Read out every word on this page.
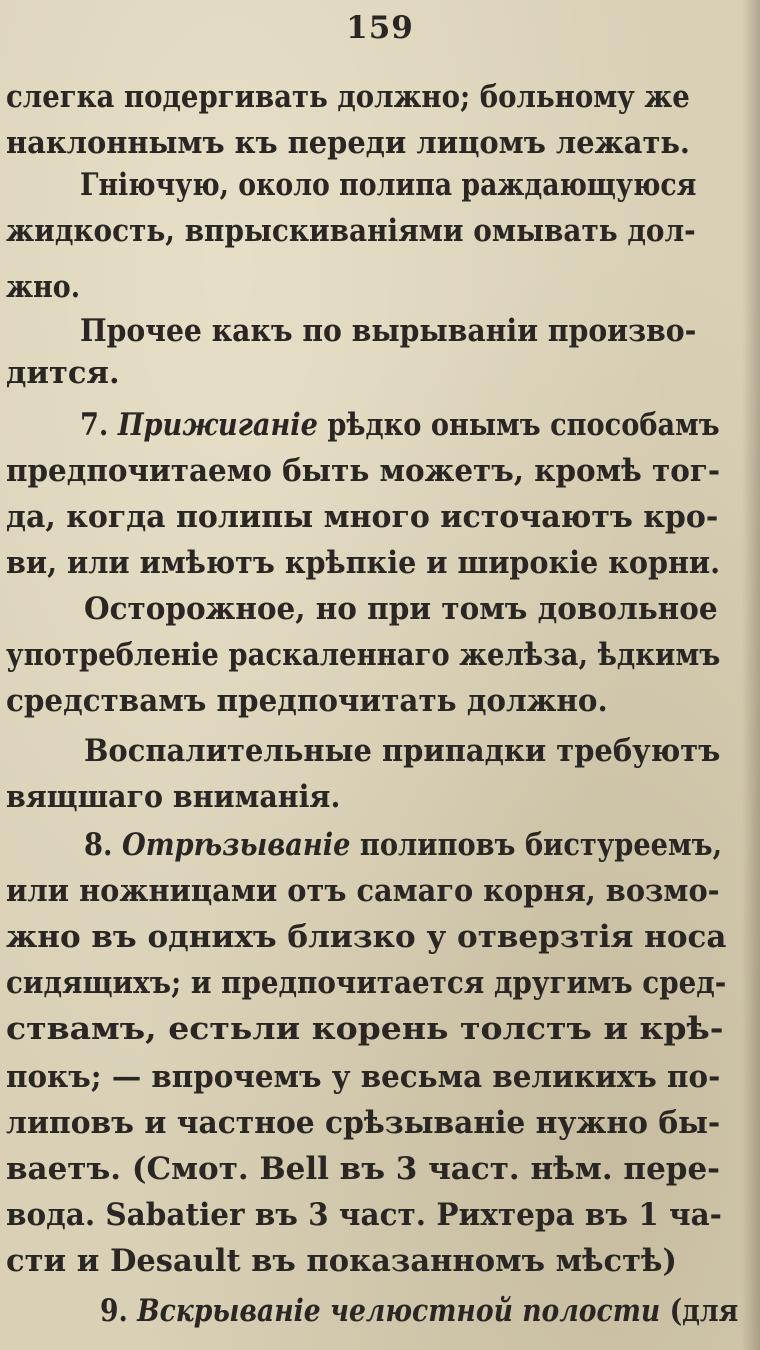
159
слегка подергивать должно; больному же
наклоннымъ къ переди лицомъ лежать.
Гніючую, около полипа раждающуюся
жидкость, впрыскиваніями омывать дол-
жно.
Прочее какъ по вырываніи произво-
дится.
7. Прижиганіе рѣдко онымъ способамъ
предпочитаемо быть можетъ, кромѣ тог-
да, когда полипы много источаютъ кро-
ви, или имѣютъ крѣпкіе и широкіе корни.
Осторожное, но при томъ довольное
употребленіе раскаленнаго желѣза, ѣдкимъ
средствамъ предпочитать должно.
Воспалительные припадки требуютъ
вящшаго вниманія.
8. Отрѣзываніе полиповъ бистуреемъ,
или ножницами отъ самаго корня, возмо-
жно въ однихъ близко у отверзтія носа
сидящихъ; и предпочитается другимъ сред-
ствамъ, естьли корень толстъ и крѣ-
покъ; — впрочемъ у весьма великихъ по-
липовъ и частное срѣзываніе нужно бы-
ваетъ. (Смот. Bell въ 3 част. нѣм. пере-
вода. Sabatier въ 3 част. Рихтера въ 1 ча-
сти и Desault въ показанномъ мѣстѣ)
9. Вскрываніе челюстной полости (для
